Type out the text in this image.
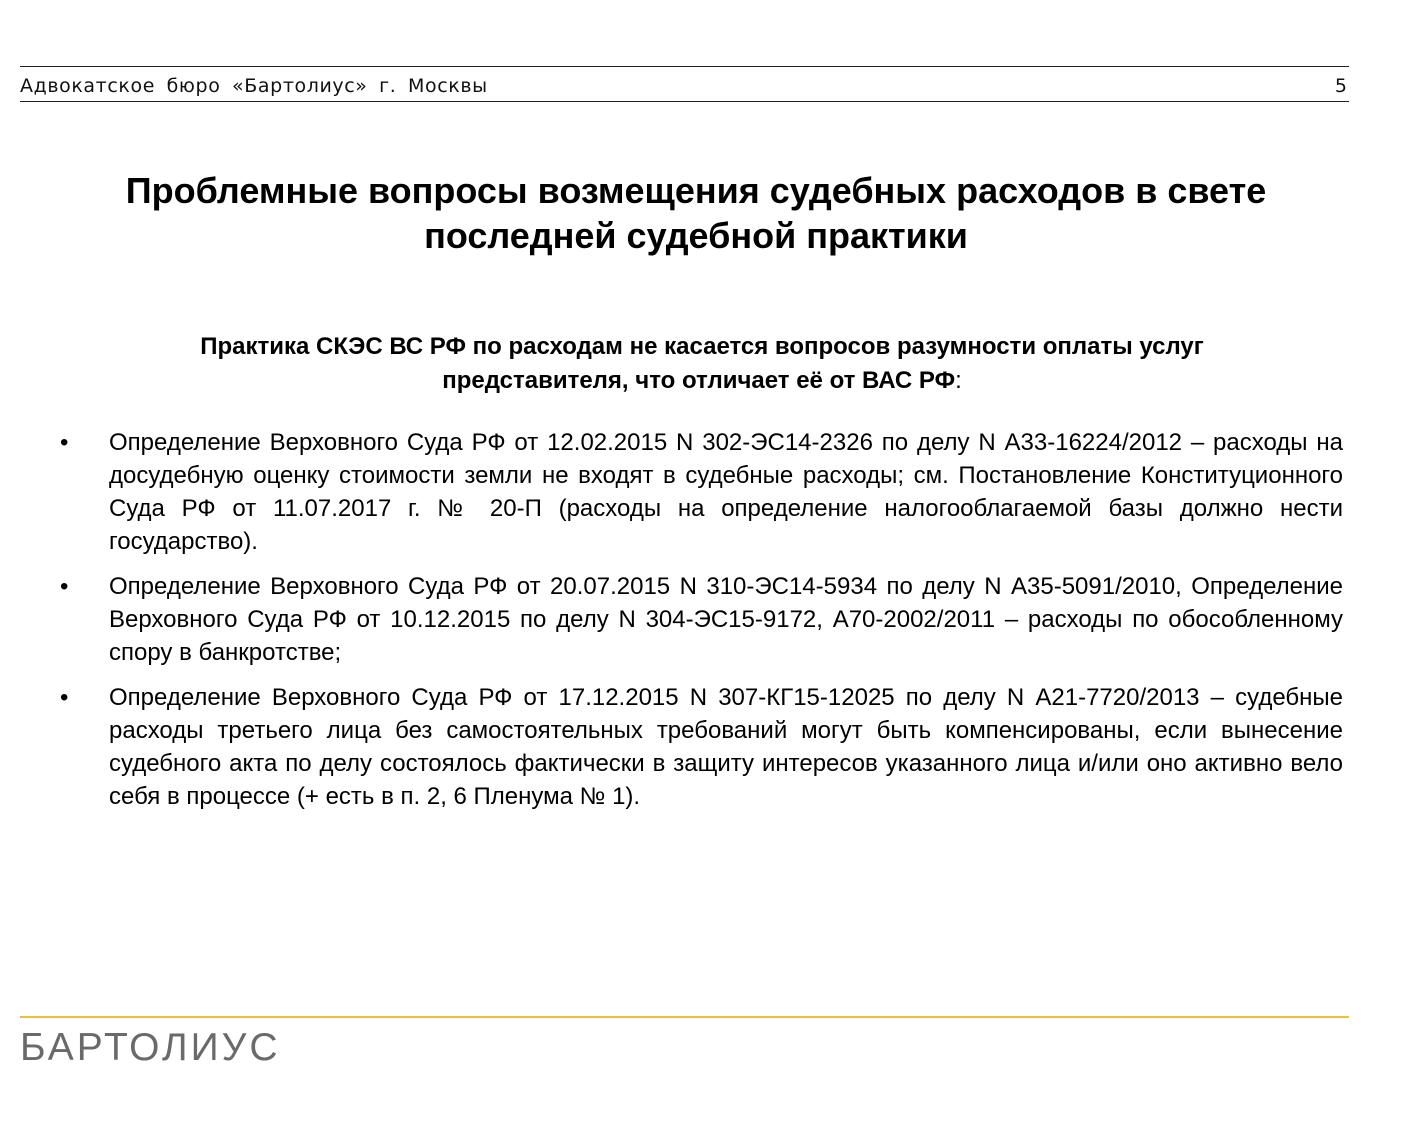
Адвокатское бюро «Бартолиус» г. Москвы	5
Проблемные вопросы возмещения судебных расходов в свете
последней судебной практики
Практика СКЭС ВС РФ по расходам не касается вопросов разумности оплаты услуг
представителя, что отличает её от ВАС РФ:
• Определение Верховного Суда РФ от 12.02.2015 N 302-ЭС14-2326 по делу N А33-16224/2012 – расходы на досудебную оценку стоимости земли не входят в судебные расходы; см. Постановление Конституционного Суда РФ от 11.07.2017 г. № 20-П (расходы на определение налогооблагаемой базы должно нести государство).
• Определение Верховного Суда РФ от 20.07.2015 N 310-ЭС14-5934 по делу N А35-5091/2010, Определение Верховного Суда РФ от 10.12.2015 по делу N 304-ЭС15-9172, А70-2002/2011 – расходы по обособленному спору в банкротстве;
• Определение Верховного Суда РФ от 17.12.2015 N 307-КГ15-12025 по делу N А21-7720/2013 – судебные расходы третьего лица без самостоятельных требований могут быть компенсированы, если вынесение судебного акта по делу состоялось фактически в защиту интересов указанного лица и/или оно активно вело себя в процессе (+ есть в п. 2, 6 Пленума № 1).
БАРТОЛИУС
